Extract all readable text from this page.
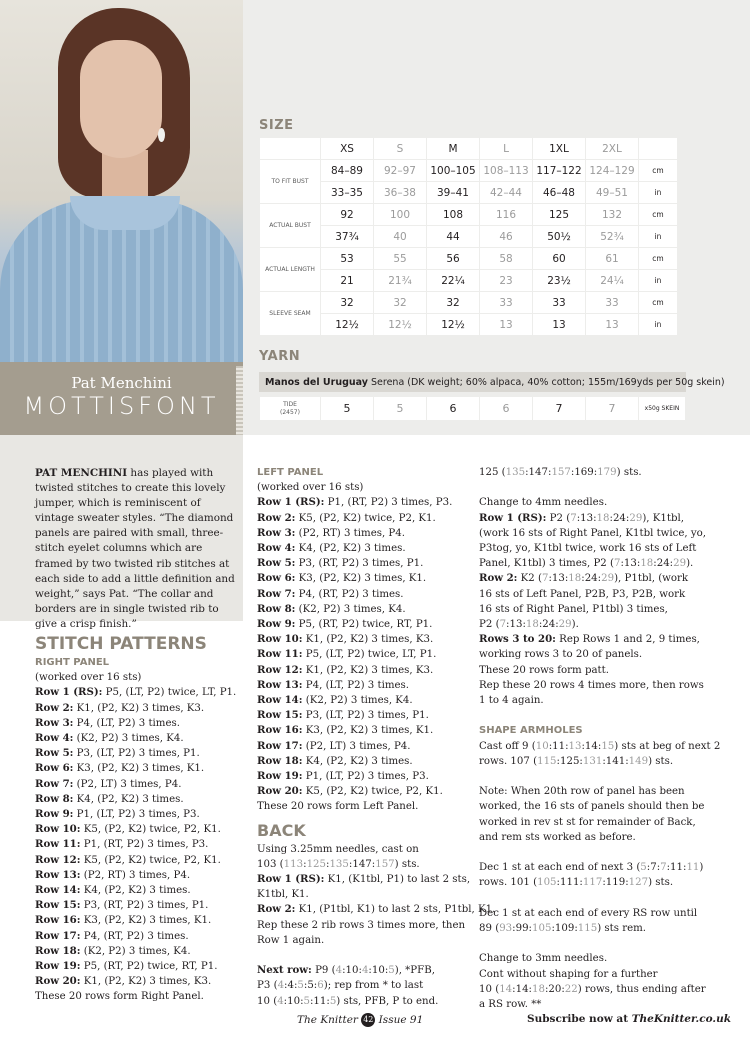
Pat Menchini
MOTTISFONT
SIZE
	XS	S	M	L	1XL	2XL	
TO FIT BUST	84–89	92–97	100–105	108–113	117–122	124–129	cm
	33–35	36–38	39–41	42–44	46–48	49–51	in
ACTUAL BUST	92	100	108	116	125	132	cm
	37¾	40	44	46	50½	52¾	in
ACTUAL LENGTH	53	55	56	58	60	61	cm
	21	21¾	22¼	23	23½	24¼	in
SLEEVE SEAM	32	32	32	33	33	33	cm
	12½	12½	12½	13	13	13	in
YARN
Manos del Uruguay Serena (DK weight; 60% alpaca, 40% cotton; 155m/169yds per 50g skein)
TIDE
(2457)	5	5	6	6	7	7	x50g SKEIN

PAT MENCHINI has played with twisted stitches to create this lovely jumper, which is reminiscent of vintage sweater styles. “The diamond panels are paired with small, three-stitch eyelet columns which are framed by two twisted rib stitches at each side to add a little definition and weight,” says Pat. “The collar and borders are in single twisted rib to give a crisp finish.”

STITCH PATTERNS
RIGHT PANEL
(worked over 16 sts)
Row 1 (RS): P5, (LT, P2) twice, LT, P1.
Row 2: K1, (P2, K2) 3 times, K3.
Row 3: P4, (LT, P2) 3 times.
Row 4: (K2, P2) 3 times, K4.
Row 5: P3, (LT, P2) 3 times, P1.
Row 6: K3, (P2, K2) 3 times, K1.
Row 7: (P2, LT) 3 times, P4.
Row 8: K4, (P2, K2) 3 times.
Row 9: P1, (LT, P2) 3 times, P3.
Row 10: K5, (P2, K2) twice, P2, K1.
Row 11: P1, (RT, P2) 3 times, P3.
Row 12: K5, (P2, K2) twice, P2, K1.
Row 13: (P2, RT) 3 times, P4.
Row 14: K4, (P2, K2) 3 times.
Row 15: P3, (RT, P2) 3 times, P1.
Row 16: K3, (P2, K2) 3 times, K1.
Row 17: P4, (RT, P2) 3 times.
Row 18: (K2, P2) 3 times, K4.
Row 19: P5, (RT, P2) twice, RT, P1.
Row 20: K1, (P2, K2) 3 times, K3.
These 20 rows form Right Panel.
LEFT PANEL
(worked over 16 sts)
Row 1 (RS): P1, (RT, P2) 3 times, P3.
Row 2: K5, (P2, K2) twice, P2, K1.
Row 3: (P2, RT) 3 times, P4.
Row 4: K4, (P2, K2) 3 times.
Row 5: P3, (RT, P2) 3 times, P1.
Row 6: K3, (P2, K2) 3 times, K1.
Row 7: P4, (RT, P2) 3 times.
Row 8: (K2, P2) 3 times, K4.
Row 9: P5, (RT, P2) twice, RT, P1.
Row 10: K1, (P2, K2) 3 times, K3.
Row 11: P5, (LT, P2) twice, LT, P1.
Row 12: K1, (P2, K2) 3 times, K3.
Row 13: P4, (LT, P2) 3 times.
Row 14: (K2, P2) 3 times, K4.
Row 15: P3, (LT, P2) 3 times, P1.
Row 16: K3, (P2, K2) 3 times, K1.
Row 17: (P2, LT) 3 times, P4.
Row 18: K4, (P2, K2) 3 times.
Row 19: P1, (LT, P2) 3 times, P3.
Row 20: K5, (P2, K2) twice, P2, K1.
These 20 rows form Left Panel.
BACK
Using 3.25mm needles, cast on
103 (113:125:135:147:157) sts.
Row 1 (RS): K1, (K1tbl, P1) to last 2 sts,
K1tbl, K1.
Row 2: K1, (P1tbl, K1) to last 2 sts, P1tbl, K1.
Rep these 2 rib rows 3 times more, then
Row 1 again.
Next row: P9 (4:10:4:10:5), *PFB,
P3 (4:4:5:5:6); rep from * to last
10 (4:10:5:11:5) sts, PFB, P to end.
125 (135:147:157:169:179) sts.
Change to 4mm needles.
Row 1 (RS): P2 (7:13:18:24:29), K1tbl,
(work 16 sts of Right Panel, K1tbl twice, yo,
P3tog, yo, K1tbl twice, work 16 sts of Left
Panel, K1tbl) 3 times, P2 (7:13:18:24:29).
Row 2: K2 (7:13:18:24:29), P1tbl, (work
16 sts of Left Panel, P2B, P3, P2B, work
16 sts of Right Panel, P1tbl) 3 times,
P2 (7:13:18:24:29).
Rows 3 to 20: Rep Rows 1 and 2, 9 times,
working rows 3 to 20 of panels.
These 20 rows form patt.
Rep these 20 rows 4 times more, then rows
1 to 4 again.
SHAPE ARMHOLES
Cast off 9 (10:11:13:14:15) sts at beg of next 2
rows. 107 (115:125:131:141:149) sts.
Note: When 20th row of panel has been
worked, the 16 sts of panels should then be
worked in rev st st for remainder of Back,
and rem sts worked as before.
Dec 1 st at each end of next 3 (5:7:7:11:11)
rows. 101 (105:111:117:119:127) sts.
Dec 1 st at each end of every RS row until
89 (93:99:105:109:115) sts rem.
Change to 3mm needles.
Cont without shaping for a further
10 (14:14:18:20:22) rows, thus ending after
a RS row. **
The Knitter 42 Issue 91	Subscribe now at TheKnitter.co.uk
